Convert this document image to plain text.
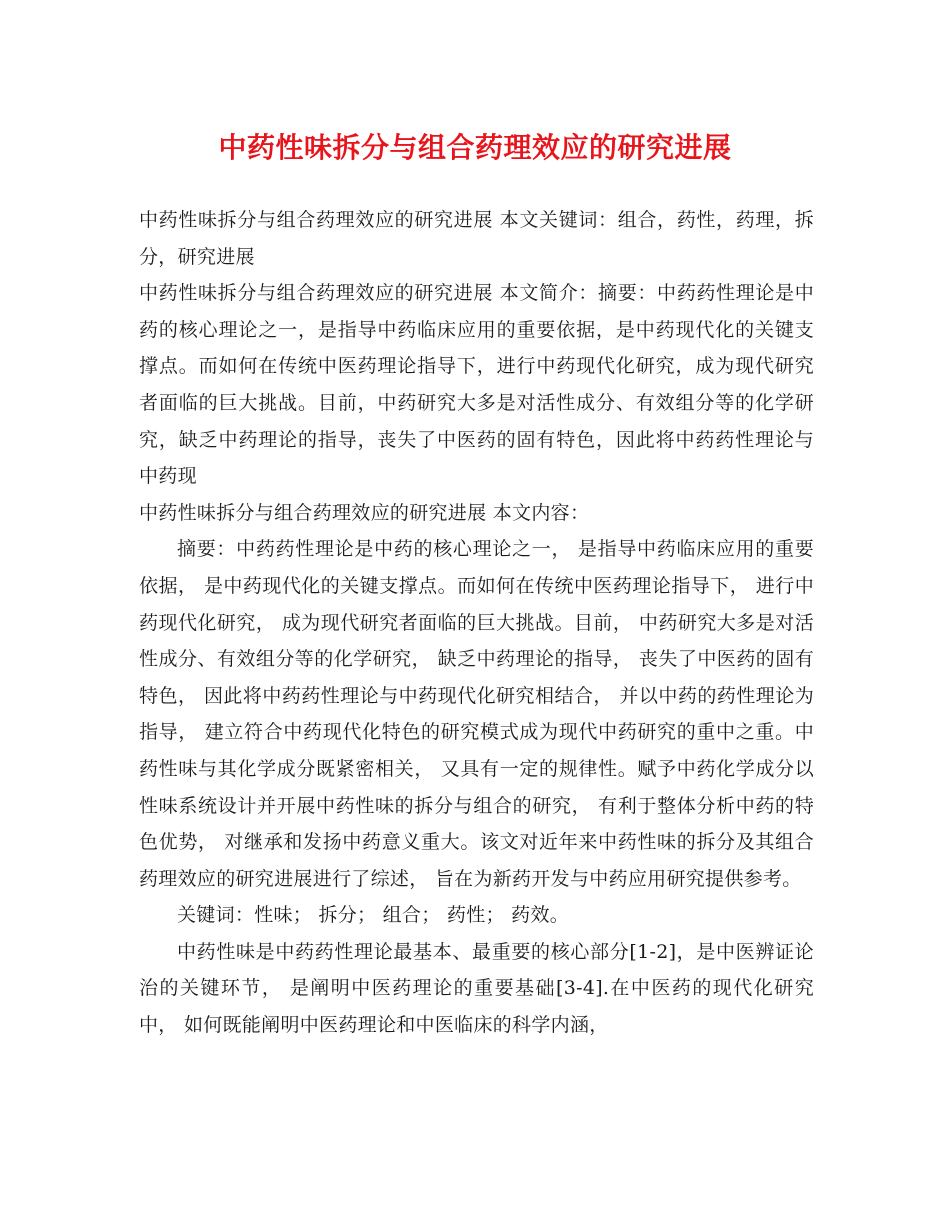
中药性味拆分与组合药理效应的研究进展

中药性味拆分与组合药理效应的研究进展 本文关键词：组合，药性，药理，拆分，研究进展

中药性味拆分与组合药理效应的研究进展 本文简介：摘要：中药药性理论是中药的核心理论之一，是指导中药临床应用的重要依据，是中药现代化的关键支撑点。而如何在传统中医药理论指导下，进行中药现代化研究，成为现代研究者面临的巨大挑战。目前，中药研究大多是对活性成分、有效组分等的化学研究，缺乏中药理论的指导，丧失了中医药的固有特色，因此将中药药性理论与中药现

中药性味拆分与组合药理效应的研究进展 本文内容：

摘要：中药药性理论是中药的核心理论之一， 是指导中药临床应用的重要依据， 是中药现代化的关键支撑点。而如何在传统中医药理论指导下， 进行中药现代化研究， 成为现代研究者面临的巨大挑战。目前， 中药研究大多是对活性成分、有效组分等的化学研究， 缺乏中药理论的指导， 丧失了中医药的固有特色， 因此将中药药性理论与中药现代化研究相结合， 并以中药的药性理论为指导， 建立符合中药现代化特色的研究模式成为现代中药研究的重中之重。中药性味与其化学成分既紧密相关， 又具有一定的规律性。赋予中药化学成分以性味系统设计并开展中药性味的拆分与组合的研究， 有利于整体分析中药的特色优势， 对继承和发扬中药意义重大。该文对近年来中药性味的拆分及其组合药理效应的研究进展进行了综述， 旨在为新药开发与中药应用研究提供参考。

关键词：性味； 拆分； 组合； 药性； 药效。

中药性味是中药药性理论最基本、最重要的核心部分[1-2]，是中医辨证论治的关键环节， 是阐明中医药理论的重要基础[3-4].在中医药的现代化研究中， 如何既能阐明中医药理论和中医临床的科学内涵，
